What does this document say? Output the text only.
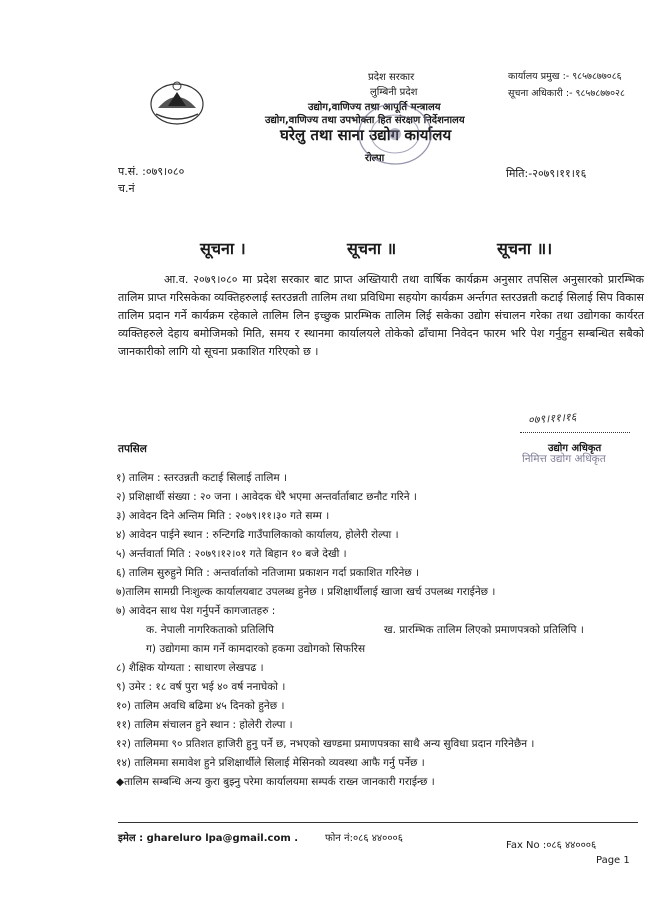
प्रदेश सरकार
लुम्बिनी प्रदेश
उद्योग,वाणिज्य तथा आपूर्ति मन्त्रालय
उद्योग,वाणिज्य तथा उपभोक्ता हित संरक्षण निर्देशनालय
घरेलु तथा साना उद्योग कार्यालय
रोल्पा
कार्यालय प्रमुख :- ९८५७८७७०८६
सूचना अधिकारी :- ९८५७८७७०२८
प.सं. :०७९।०८०
च.नं
मिति:-२०७९।११।१६
सूचना ।	सूचना ॥	सूचना ॥।
आ.व. २०७९।०८० मा प्रदेश सरकार बाट प्राप्त अख्तियारी तथा वार्षिक कार्यक्रम अनुसार तपसिल अनुसारको प्रारम्भिक तालिम प्राप्त गरिसकेका व्यक्तिहरुलाई स्तरउन्नती तालिम तथा प्रविधिमा सहयोग कार्यक्रम अर्न्तगत स्तरउन्नती कटाई सिलाई सिप विकास तालिम प्रदान गर्ने कार्यक्रम रहेकाले तालिम लिन इच्छुक प्रारम्भिक तालिम लिई सकेका उद्योग संचालन गरेका तथा उद्योगका कार्यरत व्यक्तिहरुले देहाय बमोजिमको मिति, समय र स्थानमा कार्यालयले तोकेको ढाँचामा निवेदन फारम भरि पेश गर्नुहुन सम्बन्धित सबैको जानकारीको लागि यो सूचना प्रकाशित गरिएको छ ।
०७९।११।१६
उद्योग अधिकृत
निमित्त उद्योग अधिकृत
तपसिल
१) तालिम : स्तरउन्नती कटाई सिलाई तालिम ।
२) प्रशिक्षार्थी संख्या : २० जना । आवेदक धेरै भएमा अन्तर्वार्ताबाट छनौट गरिने ।
३) आवेदन दिने अन्तिम मिति : २०७९।११।३० गते सम्म ।
४) आवेदन पाईने स्थान : रुन्टिगढि गाउँपालिकाको कार्यालय, होलेरी रोल्पा ।
५) अर्न्तवार्ता मिति : २०७९।१२।०१ गते बिहान १० बजे देखी ।
६) तालिम सुरुहुने मिति : अन्तर्वार्ताको नतिजामा प्रकाशन गर्दा प्रकाशित गरिनेछ ।
७)तालिम सामग्री निःशुल्क कार्यालयबाट उपलब्ध हुनेछ । प्रशिक्षार्थीलाई खाजा खर्च उपलब्ध गराईनेछ ।
७) आवेदन साथ पेश गर्नुपर्ने कागजातहरु :
क. नेपाली नागरिकताको प्रतिलिपि	ख. प्रारम्भिक तालिम लिएको प्रमाणपत्रको प्रतिलिपि ।
ग) उद्योगमा काम गर्ने कामदारको हकमा उद्योगको सिफरिस
८) शैक्षिक योग्यता : साधारण लेखपढ ।
९) उमेर : १८ वर्ष पुरा भई ४० वर्ष ननाघेको ।
१०) तालिम अवधि बढिमा ४५ दिनको हुनेछ ।
११) तालिम संचालन हुने स्थान : होलेरी रोल्पा ।
१२) तालिममा ९० प्रतिशत हाजिरी हुनु पर्ने छ, नभएको खण्डमा प्रमाणपत्रका साथै अन्य सुविधा प्रदान गरिनेछैन ।
१४) तालिममा समावेश हुने प्रशिक्षार्थीले सिलाई मेसिनको व्यवस्था आफै गर्नु पर्नेछ ।
◆तालिम सम्बन्धि अन्य कुरा बुझ्नु परेमा कार्यालयमा सम्पर्क राख्न जानकारी गराईन्छ ।
इमेल : ghareluro lpa@gmail.com .	फोन नं:०८६ ४४०००६
Fax No :०८६ ४४०००६
Page 1
